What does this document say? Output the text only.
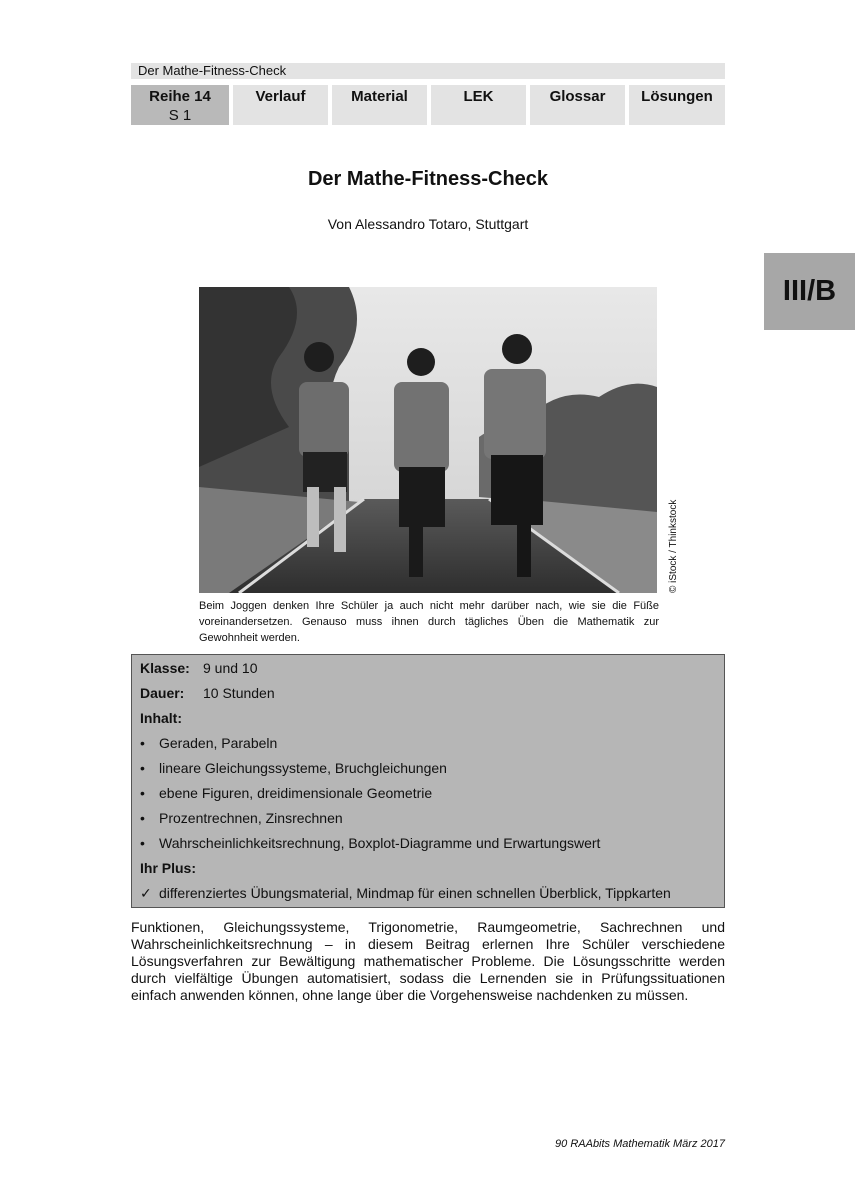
Der Mathe-Fitness-Check
Reihe 14
S 1
Verlauf	Material	LEK	Glossar	Lösungen
III/B
Der Mathe-Fitness-Check
Von Alessandro Totaro, Stuttgart
© iStock / Thinkstock
Beim Joggen denken Ihre Schüler ja auch nicht mehr darüber nach, wie sie die Füße voreinandersetzen. Genauso muss ihnen durch tägliches Üben die Mathematik zur Gewohnheit werden.
Klasse: 9 und 10
Dauer: 10 Stunden
Inhalt:
• Geraden, Parabeln
• lineare Gleichungssysteme, Bruchgleichungen
• ebene Figuren, dreidimensionale Geometrie
• Prozentrechnen, Zinsrechnen
• Wahrscheinlichkeitsrechnung, Boxplot-Diagramme und Erwartungswert
Ihr Plus:
✓ differenziertes Übungsmaterial, Mindmap für einen schnellen Überblick, Tippkarten
Funktionen, Gleichungssysteme, Trigonometrie, Raumgeometrie, Sachrechnen und Wahrscheinlichkeitsrechnung – in diesem Beitrag erlernen Ihre Schüler verschiedene Lösungsverfahren zur Bewältigung mathematischer Probleme. Die Lösungsschritte werden durch vielfältige Übungen automatisiert, sodass die Lernenden sie in Prüfungssituationen einfach anwenden können, ohne lange über die Vorgehensweise nachdenken zu müssen.
90 RAAbits Mathematik März 2017
